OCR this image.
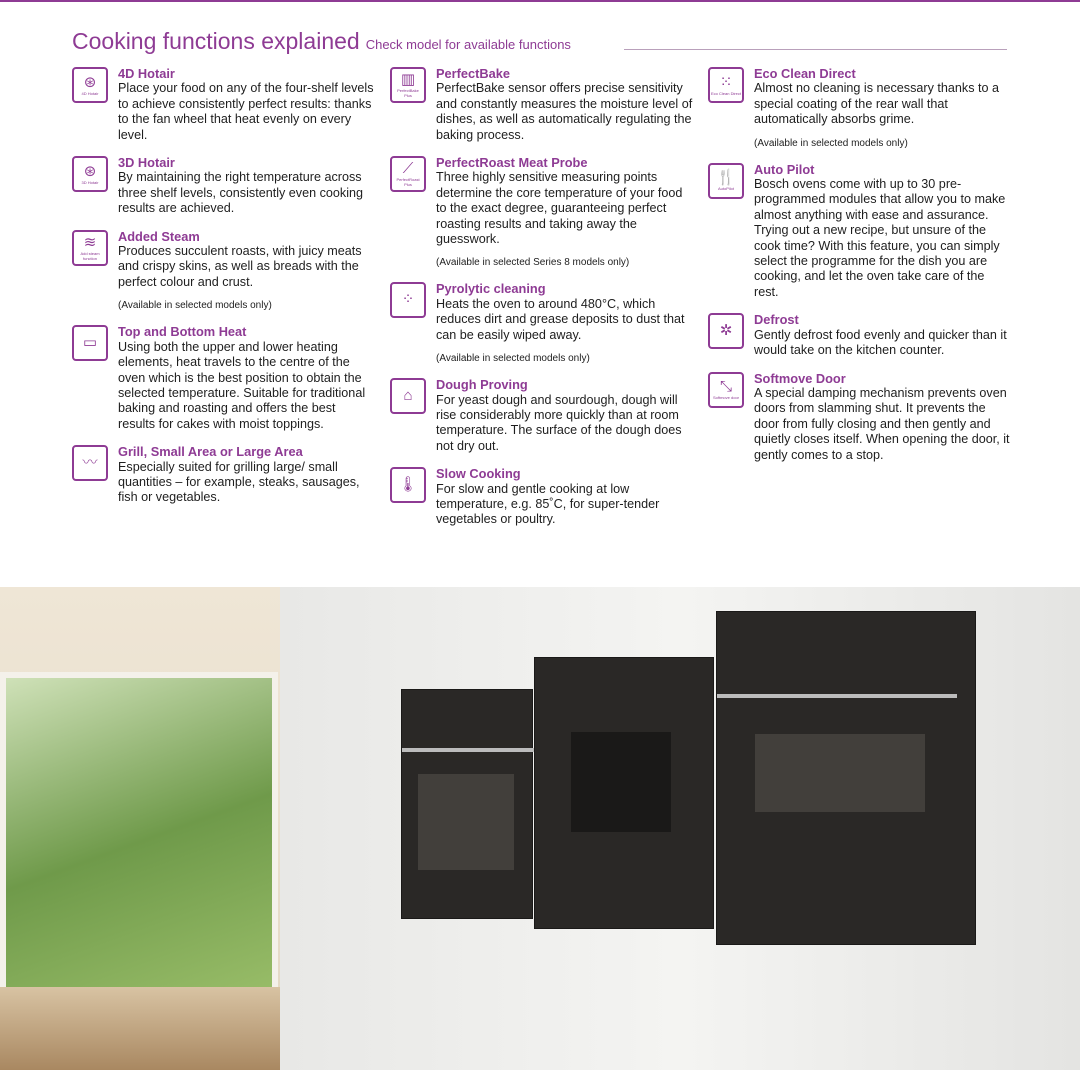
Cooking functions explained Check model for available functions
⊛
4D Hotair
4D Hotair
Place your food on any of the four-shelf levels to achieve consistently perfect results: thanks to the fan wheel that heat evenly on every level.
⊛
3D Hotair
3D Hotair
By maintaining the right temperature across three shelf levels, consistently even cooking results are achieved.
≋
Add steam function
Added Steam
Produces succulent roasts, with juicy meats and crispy skins, as well as breads with the perfect colour and crust.
(Available in selected models only)
▭
Top and Bottom Heat
Using both the upper and lower heating elements, heat travels to the centre of the oven which is the best position to obtain the selected temperature. Suitable for traditional baking and roasting and offers the best results for cakes with moist toppings.
〰
Grill, Small Area or Large Area
Especially suited for grilling large/ small quantities – for example, steaks, sausages, fish or vegetables.
▥
PerfectBake Plus
PerfectBake
PerfectBake sensor offers precise sensitivity and constantly measures the moisture level of dishes, as well as automatically regulating the baking process.
⟋
PerfectRoast Plus
PerfectRoast Meat Probe
Three highly sensitive measuring points determine the core temperature of your food to the exact degree, guaranteeing perfect roasting results and taking away the guesswork.
(Available in selected Series 8 models only)
⁘
Pyrolytic cleaning
Heats the oven to around 480°C, which reduces dirt and grease deposits to dust that can be easily wiped away.
(Available in selected models only)
⌂
Dough Proving
For yeast dough and sourdough, dough will rise considerably more quickly than at room temperature. The surface of the dough does not dry out.
🌡
Slow Cooking
For slow and gentle cooking at low temperature, e.g. 85˚C, for super-tender vegetables or poultry.
⁙
Eco Clean Direct
Eco Clean Direct
Almost no cleaning is necessary thanks to a special coating of the rear wall that automatically absorbs grime.
(Available in selected models only)
🍴
AutoPilot
Auto Pilot
Bosch ovens come with up to 30 pre-programmed modules that allow you to make almost anything with ease and assurance. Trying out a new recipe, but unsure of the cook time? With this feature, you can simply select the programme for the dish you are cooking, and let the oven take care of the rest.
✲
Defrost
Gently defrost food evenly and quicker than it would take on the kitchen counter.
⤡
Softmove door
Softmove Door
A special damping mechanism prevents oven doors from slamming shut. It prevents the door from fully closing and then gently and quietly closes itself. When opening the door, it gently comes to a stop.
